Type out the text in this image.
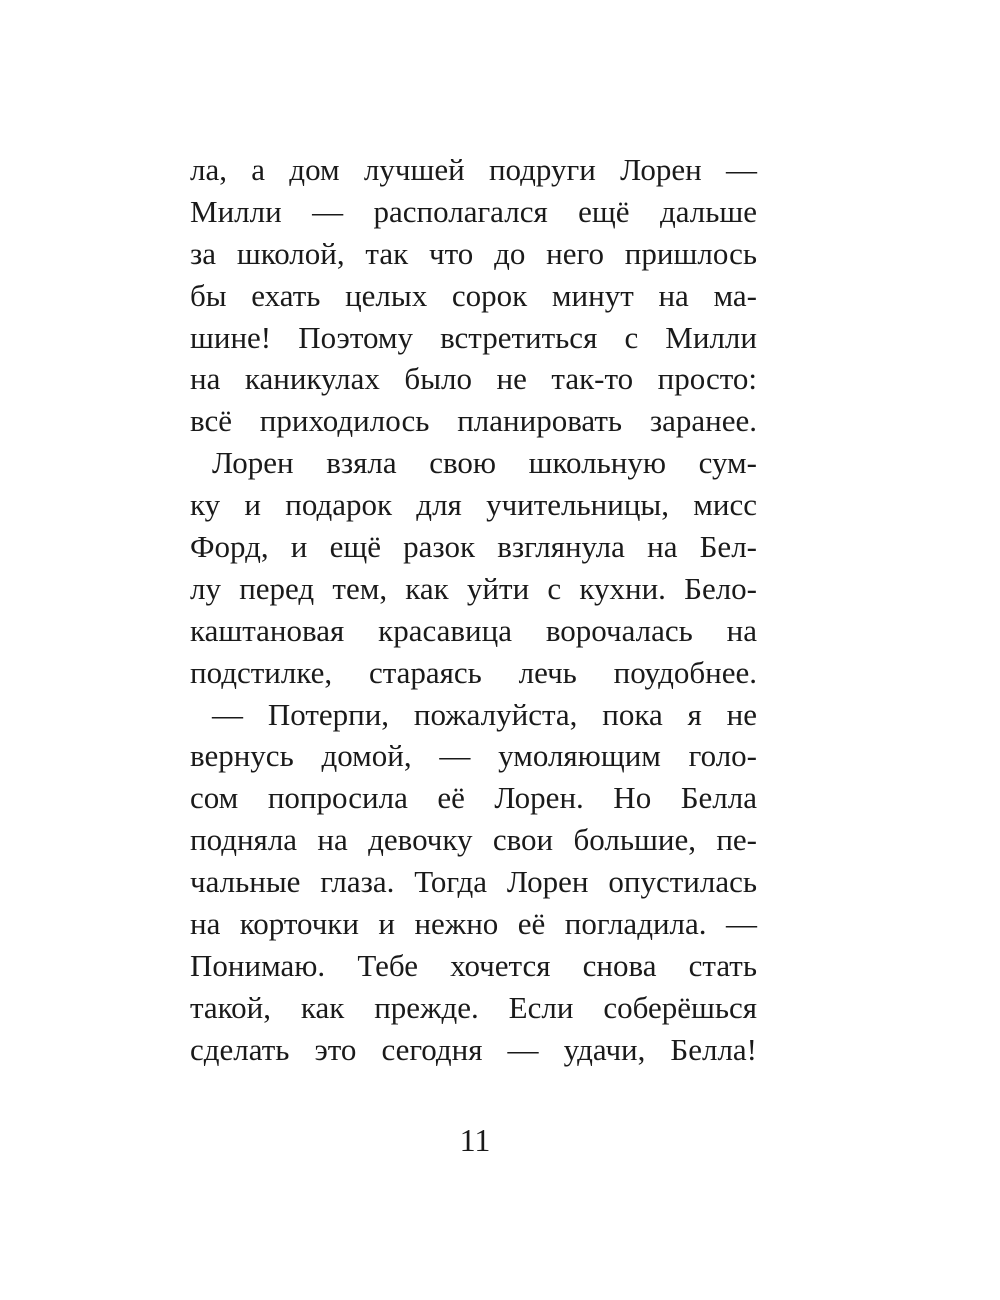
ла, а дом лучшей подруги Лорен —
Милли — располагался ещё дальше
за школой, так что до него пришлось
бы ехать целых сорок минут на ма-
шине! Поэтому встретиться с Милли
на каникулах было не так-то просто:
всё приходилось планировать заранее.
Лорен взяла свою школьную сум-
ку и подарок для учительницы, мисс
Форд, и ещё разок взглянула на Бел-
лу перед тем, как уйти с кухни. Бело-
каштановая красавица ворочалась на
подстилке, стараясь лечь поудобнее.
— Потерпи, пожалуйста, пока я не
вернусь домой, — умоляющим голо-
сом попросила её Лорен. Но Белла
подняла на девочку свои большие, пе-
чальные глаза. Тогда Лорен опустилась
на корточки и нежно её погладила. —
Понимаю. Тебе хочется снова стать
такой, как прежде. Если соберёшься
сделать это сегодня — удачи, Белла!
11
